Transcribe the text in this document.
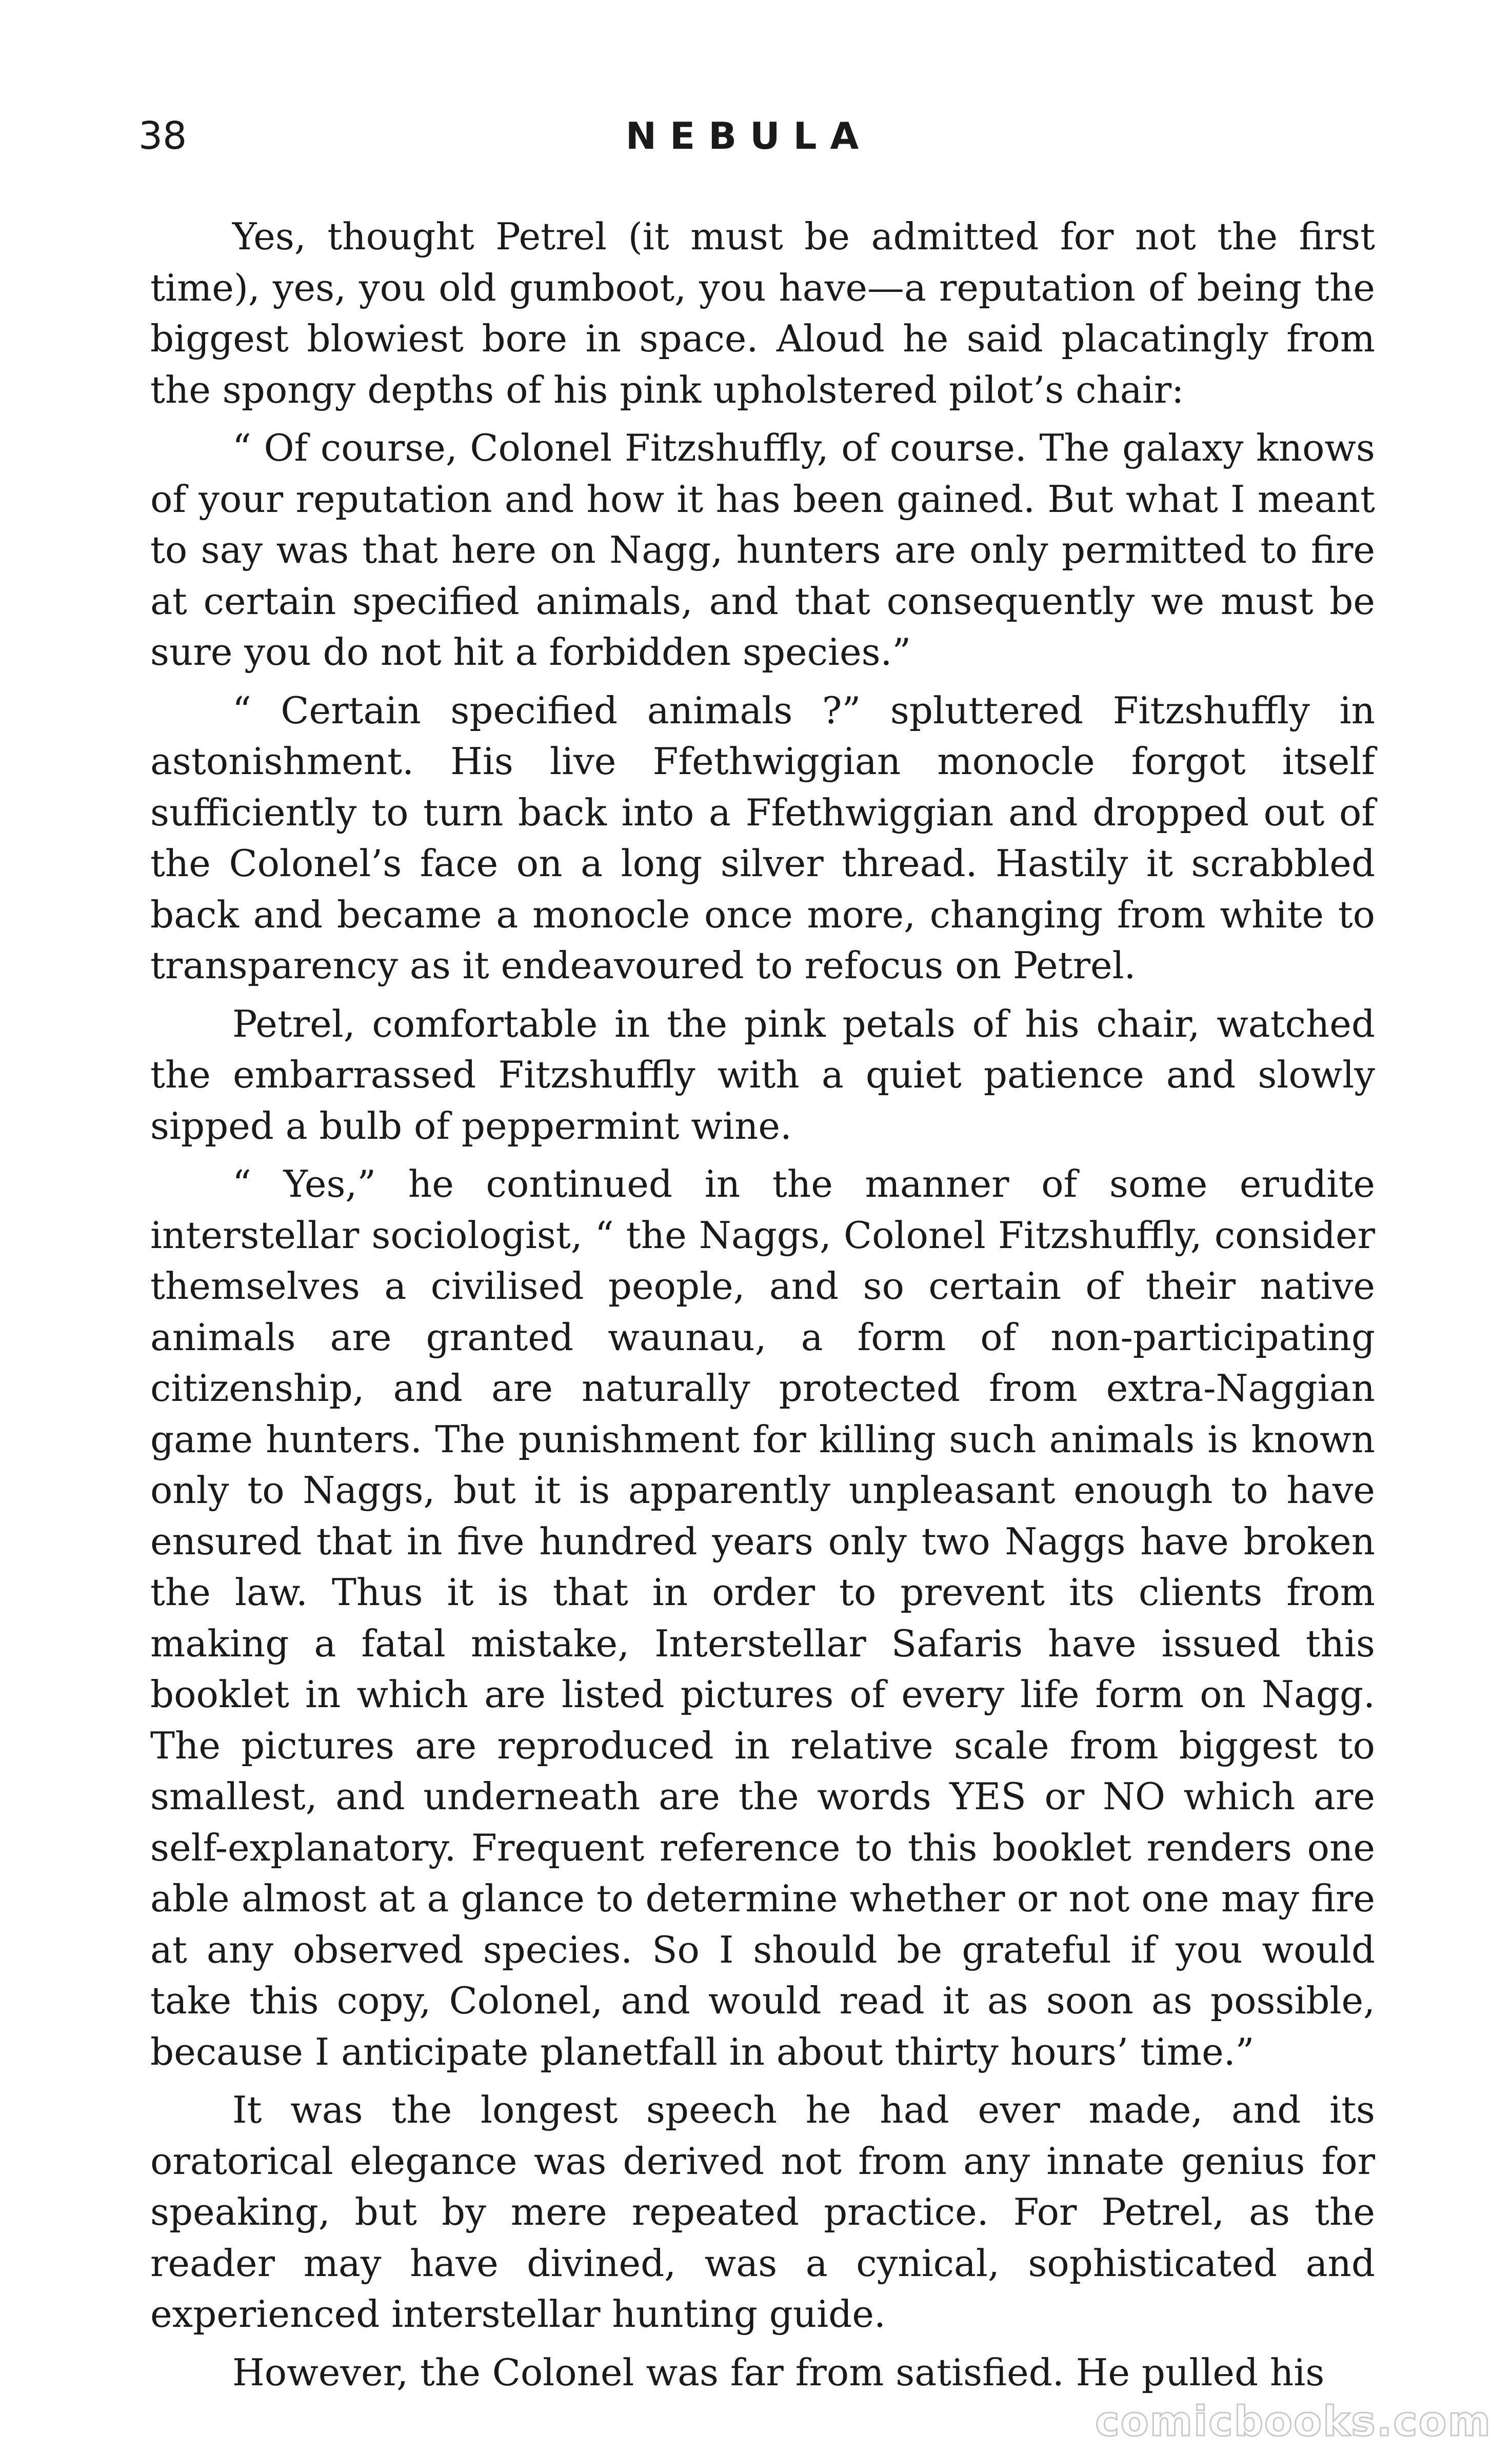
38	NEBULA

Yes, thought Petrel (it must be admitted for not the first time), yes, you old gumboot, you have—a reputation of being the biggest blowiest bore in space. Aloud he said placatingly from the spongy depths of his pink upholstered pilot’s chair:

“ Of course, Colonel Fitzshuffly, of course. The galaxy knows of your reputation and how it has been gained. But what I meant to say was that here on Nagg, hunters are only permitted to fire at certain specified animals, and that consequently we must be sure you do not hit a forbidden species.”

“ Certain specified animals ?” spluttered Fitzshuffly in astonishment. His live Ffethwiggian monocle forgot itself sufficiently to turn back into a Ffethwiggian and dropped out of the Colonel’s face on a long silver thread. Hastily it scrabbled back and became a monocle once more, changing from white to transparency as it endeavoured to refocus on Petrel.

Petrel, comfortable in the pink petals of his chair, watched the embarrassed Fitzshuffly with a quiet patience and slowly sipped a bulb of peppermint wine.

“ Yes,” he continued in the manner of some erudite interstellar sociologist, “ the Naggs, Colonel Fitzshuffly, consider themselves a civilised people, and so certain of their native animals are granted waunau, a form of non-participating citizenship, and are naturally protected from extra-Naggian game hunters. The punishment for killing such animals is known only to Naggs, but it is apparently unpleasant enough to have ensured that in five hundred years only two Naggs have broken the law. Thus it is that in order to prevent its clients from making a fatal mistake, Interstellar Safaris have issued this booklet in which are listed pictures of every life form on Nagg. The pictures are reproduced in relative scale from biggest to smallest, and underneath are the words YES or NO which are self-explanatory. Frequent reference to this booklet renders one able almost at a glance to determine whether or not one may fire at any observed species. So I should be grateful if you would take this copy, Colonel, and would read it as soon as possible, because I anticipate planetfall in about thirty hours’ time.”

It was the longest speech he had ever made, and its oratorical elegance was derived not from any innate genius for speaking, but by mere repeated practice. For Petrel, as the reader may have divined, was a cynical, sophisticated and experienced interstellar hunting guide.

However, the Colonel was far from satisfied. He pulled his

comicbooks.com
